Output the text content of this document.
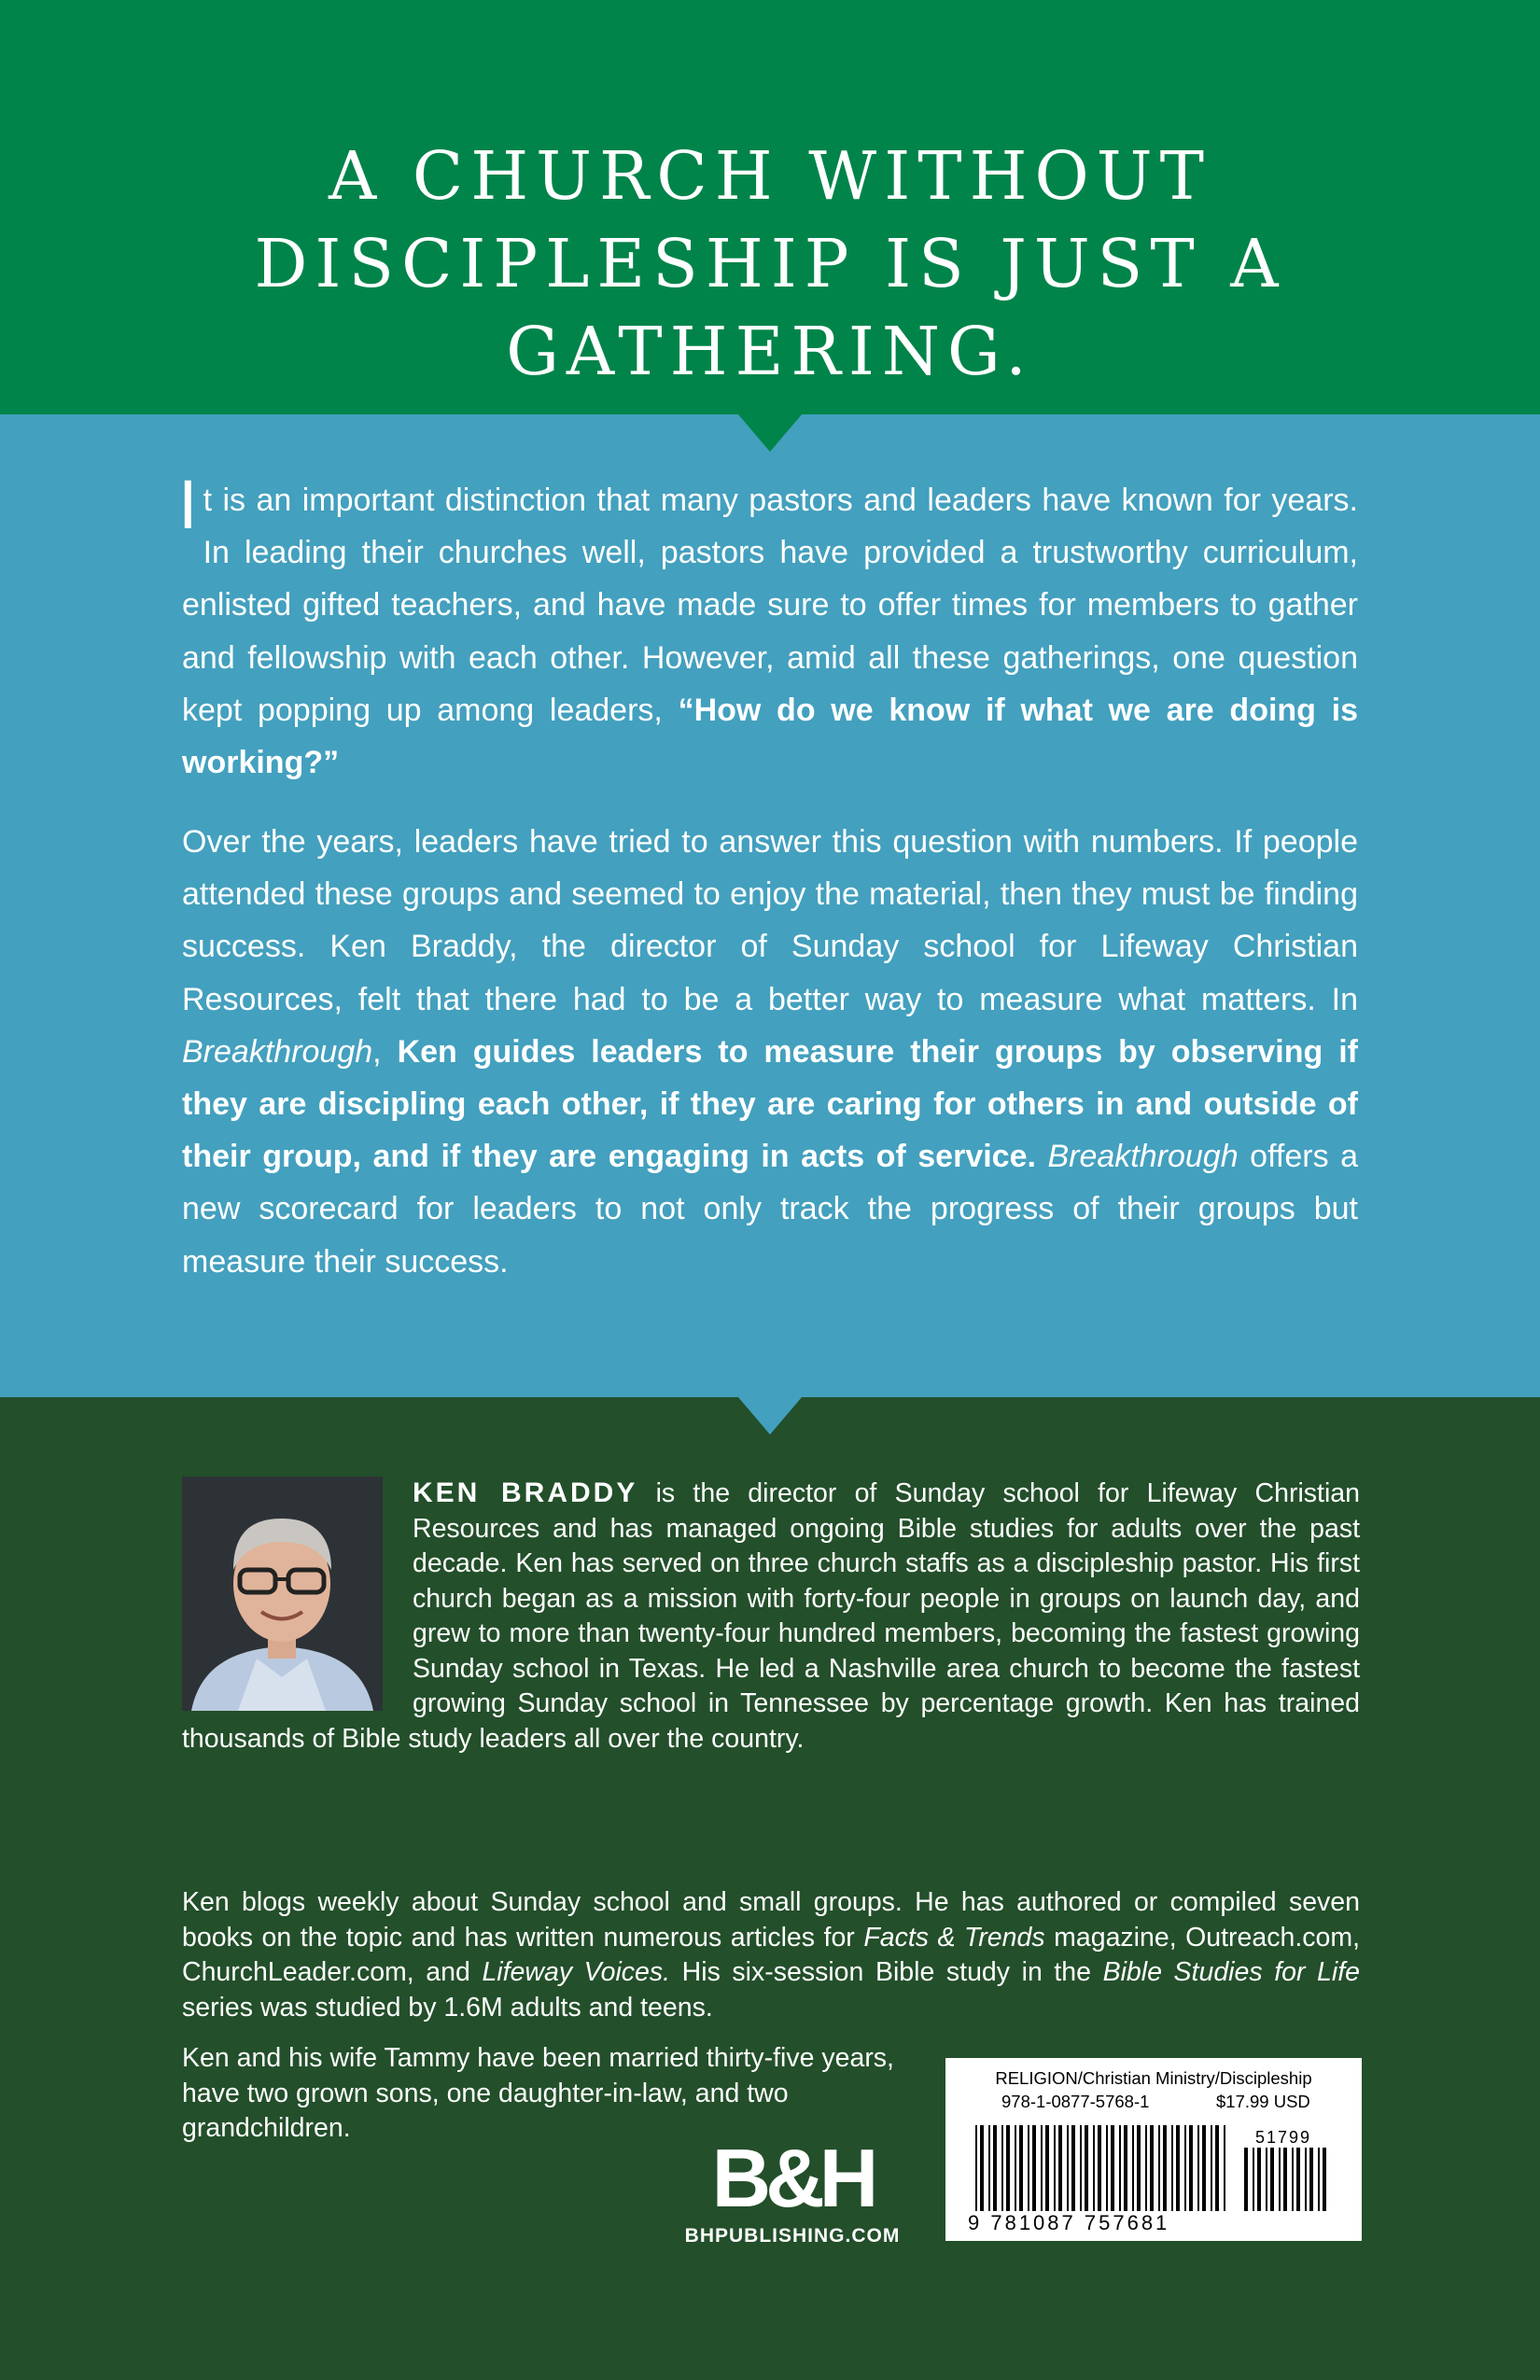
A CHURCH WITHOUT
DISCIPLESHIP IS JUST A
GATHERING.

It is an important distinction that many pastors and leaders have known for years. In leading their churches well, pastors have provided a trustworthy curriculum, enlisted gifted teachers, and have made sure to offer times for members to gather and fellowship with each other. However, amid all these gatherings, one question kept popping up among leaders, “How do we know if what we are doing is working?”

Over the years, leaders have tried to answer this question with numbers. If people attended these groups and seemed to enjoy the material, then they must be finding success. Ken Braddy, the director of Sunday school for Lifeway Christian Resources, felt that there had to be a better way to measure what matters. In Breakthrough, Ken guides leaders to measure their groups by observing if they are discipling each other, if they are caring for others in and outside of their group, and if they are engaging in acts of service. Breakthrough offers a new scorecard for leaders to not only track the progress of their groups but measure their success.

KEN BRADDY is the director of Sunday school for Lifeway Christian Resources and has managed ongoing Bible studies for adults over the past decade. Ken has served on three church staffs as a discipleship pastor. His first church began as a mission with forty-four people in groups on launch day, and grew to more than twenty-four hundred members, becoming the fastest growing Sunday school in Texas. He led a Nashville area church to become the fastest growing Sunday school in Tennessee by percentage growth. Ken has trained thousands of Bible study leaders all over the country.

Ken blogs weekly about Sunday school and small groups. He has authored or compiled seven books on the topic and has written numerous articles for Facts & Trends magazine, Outreach.com, ChurchLeader.com, and Lifeway Voices. His six-session Bible study in the Bible Studies for Life series was studied by 1.6M adults and teens.

Ken and his wife Tammy have been married thirty-five years, have two grown sons, one daughter-in-law, and two grandchildren.

B&H
BHPUBLISHING.COM
RELIGION/Christian Ministry/Discipleship
978-1-0877-5768-1	$17.99 USD
51799
9 781087 757681
